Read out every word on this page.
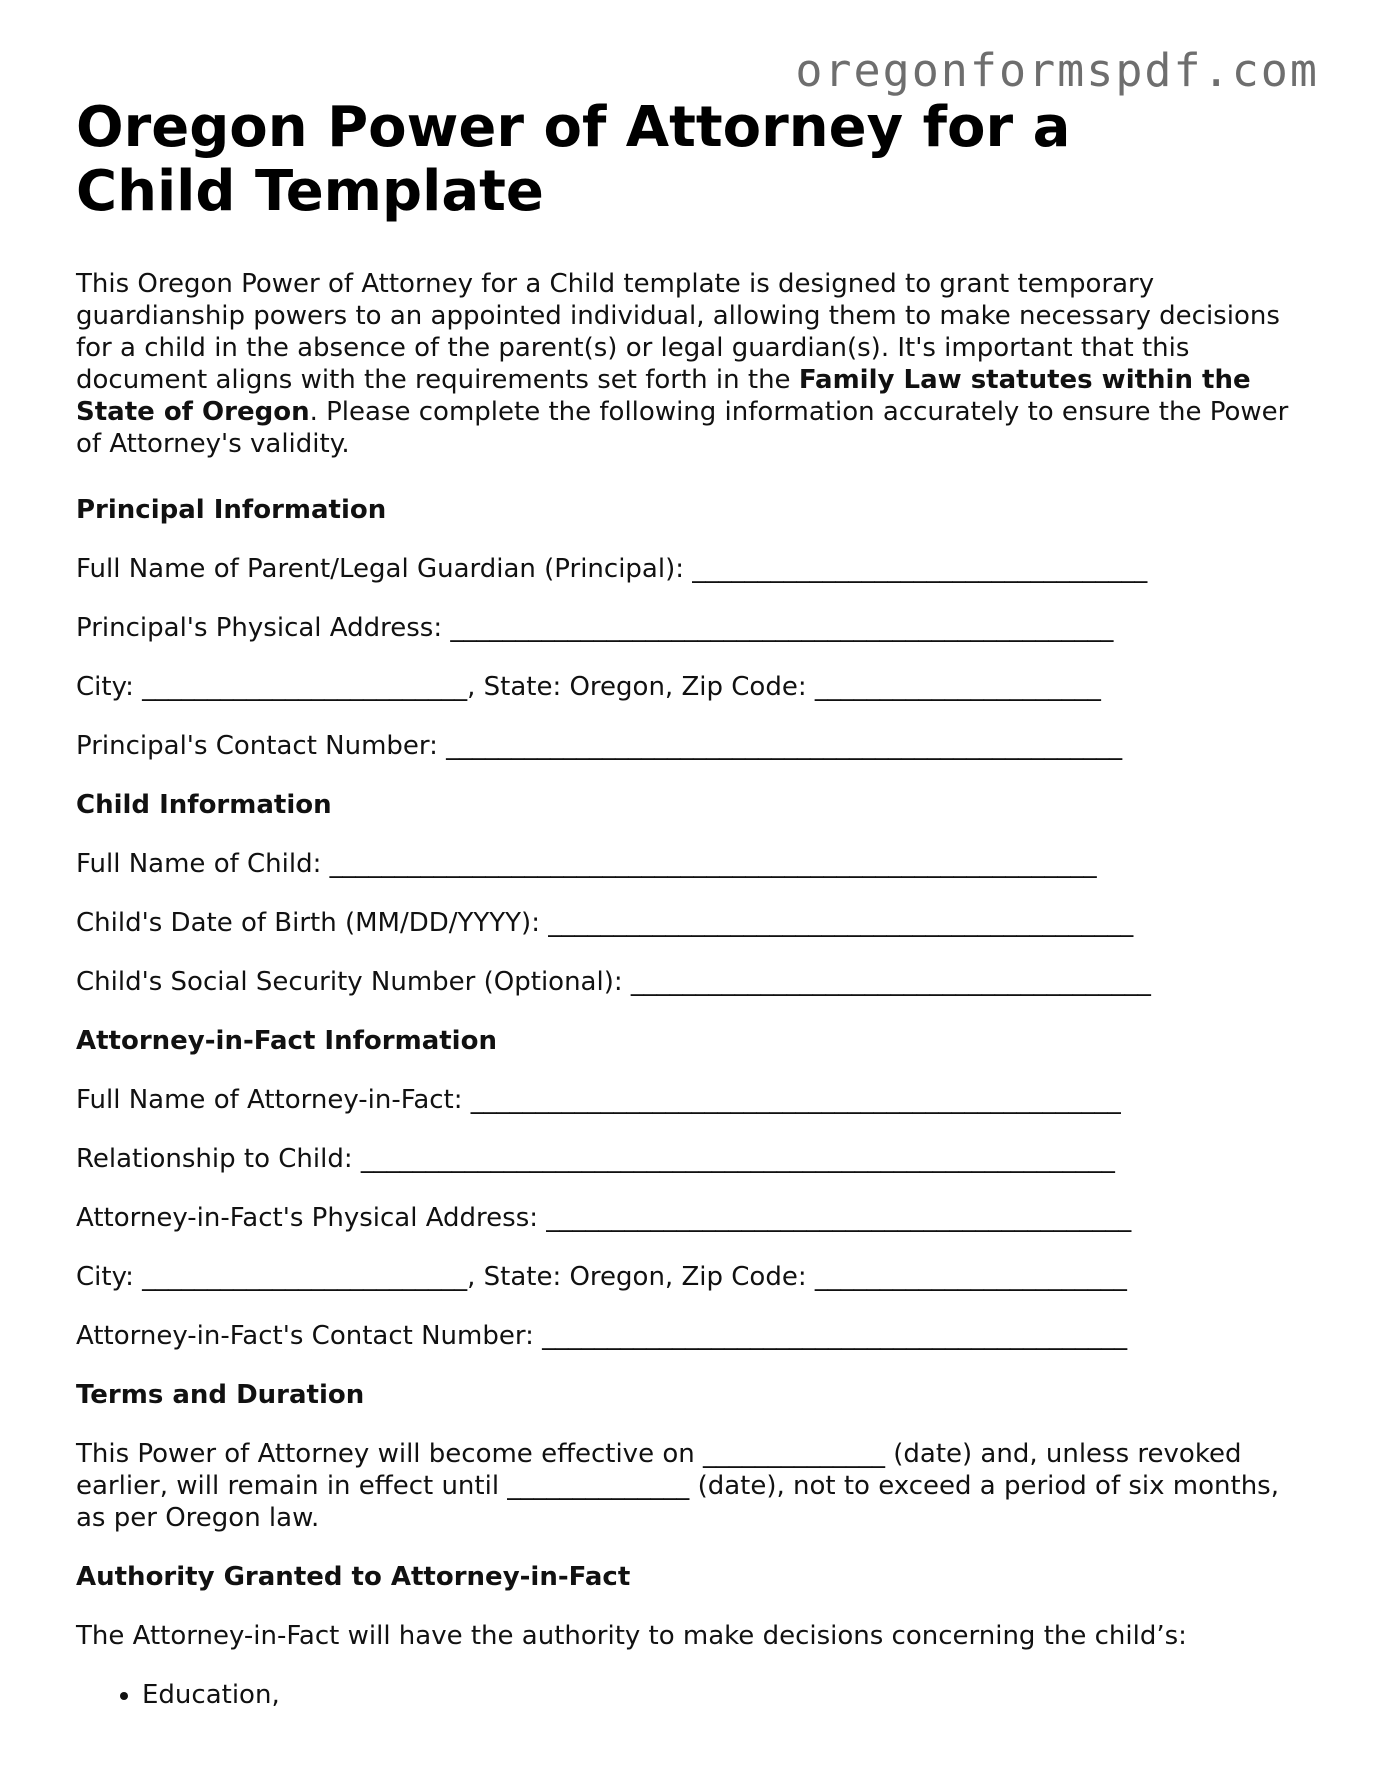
oregonformspdf.com
Oregon Power of Attorney for a Child Template

This Oregon Power of Attorney for a Child template is designed to grant temporary guardianship powers to an appointed individual, allowing them to make necessary decisions for a child in the absence of the parent(s) or legal guardian(s). It's important that this document aligns with the requirements set forth in the Family Law statutes within the State of Oregon. Please complete the following information accurately to ensure the Power of Attorney's validity.

Principal Information

Full Name of Parent/Legal Guardian (Principal): ___________________________________

Principal's Physical Address: ___________________________________________________

City: _________________________, State: Oregon, Zip Code: ______________________

Principal's Contact Number: ____________________________________________________

Child Information

Full Name of Child: ___________________________________________________________

Child's Date of Birth (MM/DD/YYYY): _____________________________________________

Child's Social Security Number (Optional): ________________________________________

Attorney-in-Fact Information

Full Name of Attorney-in-Fact: __________________________________________________

Relationship to Child: __________________________________________________________

Attorney-in-Fact's Physical Address: _____________________________________________

City: _________________________, State: Oregon, Zip Code: ________________________

Attorney-in-Fact's Contact Number: _____________________________________________

Terms and Duration

This Power of Attorney will become effective on ______________ (date) and, unless revoked earlier, will remain in effect until ______________ (date), not to exceed a period of six months, as per Oregon law.

Authority Granted to Attorney-in-Fact

The Attorney-in-Fact will have the authority to make decisions concerning the child’s:

• Education,
